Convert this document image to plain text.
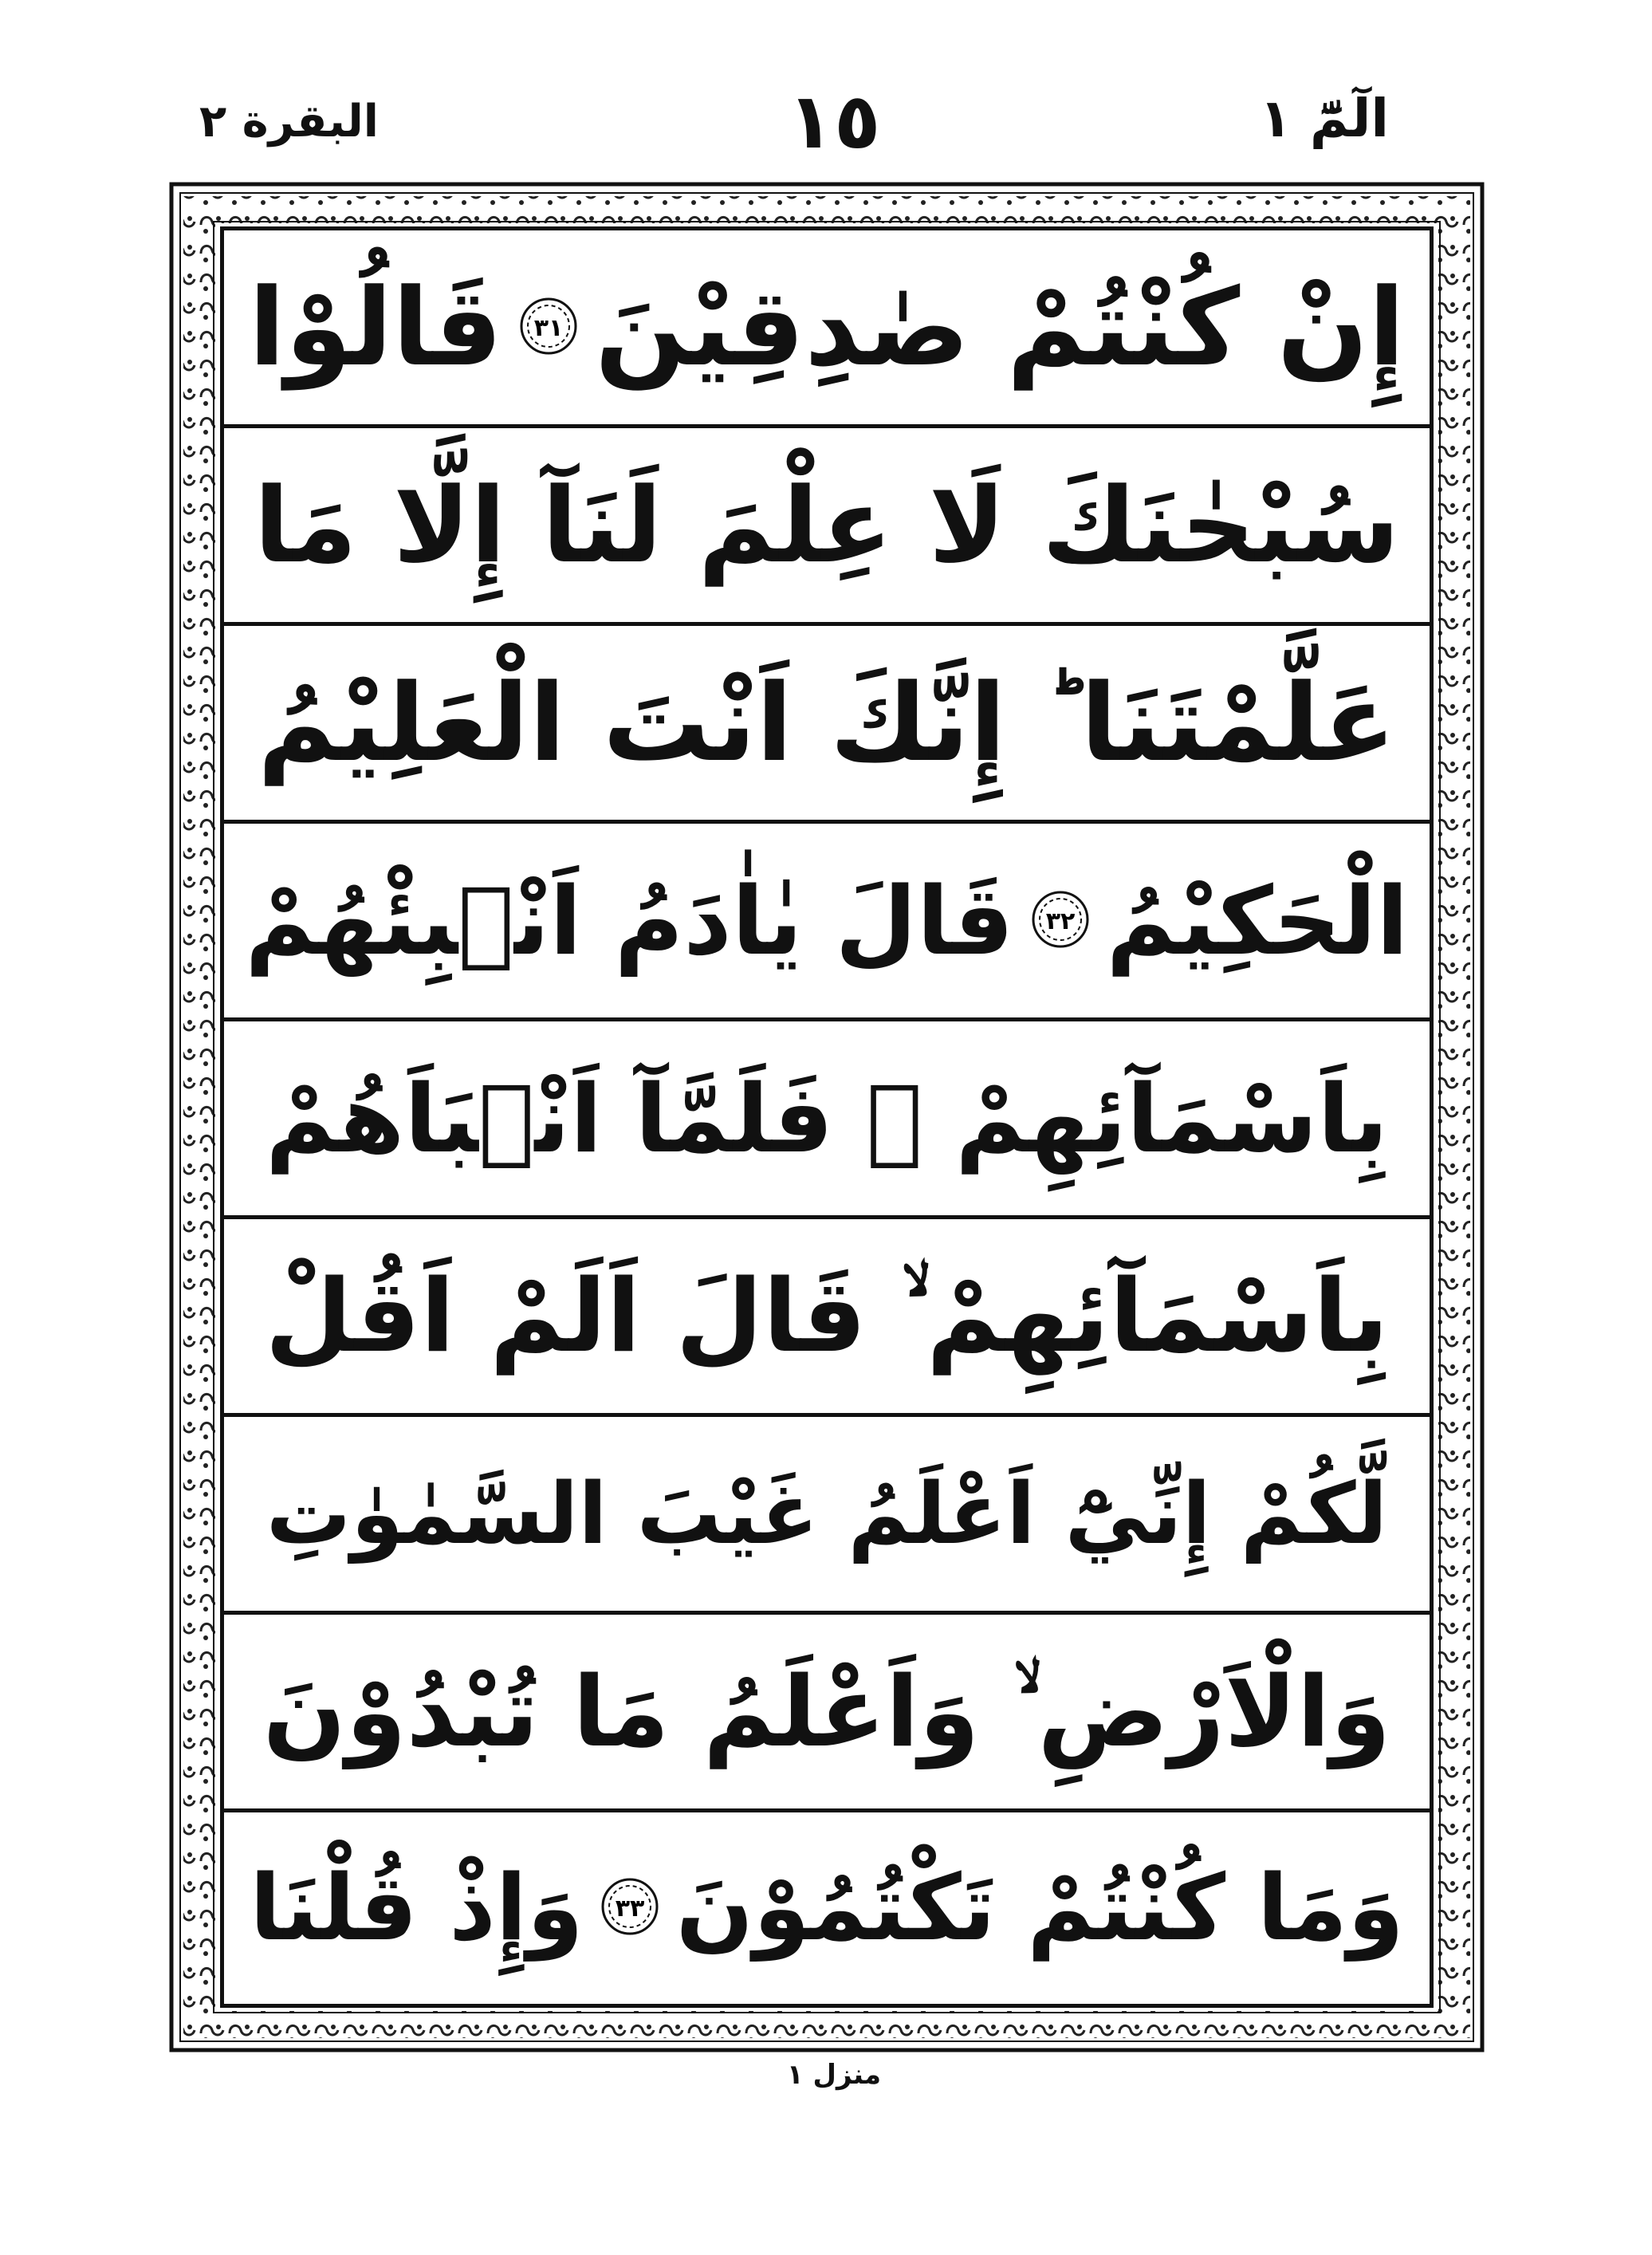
البقرة ٢	١٥	الٓمّٓ ١
إِنْ كُنْتُمْ صٰدِقِيْنَ
٣١
قَالُوْا
سُبْحٰنَكَ لَا عِلْمَ لَنَآ إِلَّا مَا
عَلَّمْتَنَا ؕ إِنَّكَ اَنْتَ الْعَلِيْمُ
الْحَكِيْمُ
٣٢
قَالَ يٰاٰدَمُ اَنْۢبِئْهُمْ
بِاَسْمَآئِهِمْ ۚ فَلَمَّآ اَنْۢبَاَهُمْ
بِاَسْمَآئِهِمْ ۙ قَالَ اَلَمْ اَقُلْ
لَّكُمْ إِنِّيْٓ اَعْلَمُ غَيْبَ السَّمٰوٰتِ
وَالْاَرْضِ ۙ وَاَعْلَمُ مَا تُبْدُوْنَ
وَمَا كُنْتُمْ تَكْتُمُوْنَ
٣٣
وَإِذْ قُلْنَا
منزل ١
